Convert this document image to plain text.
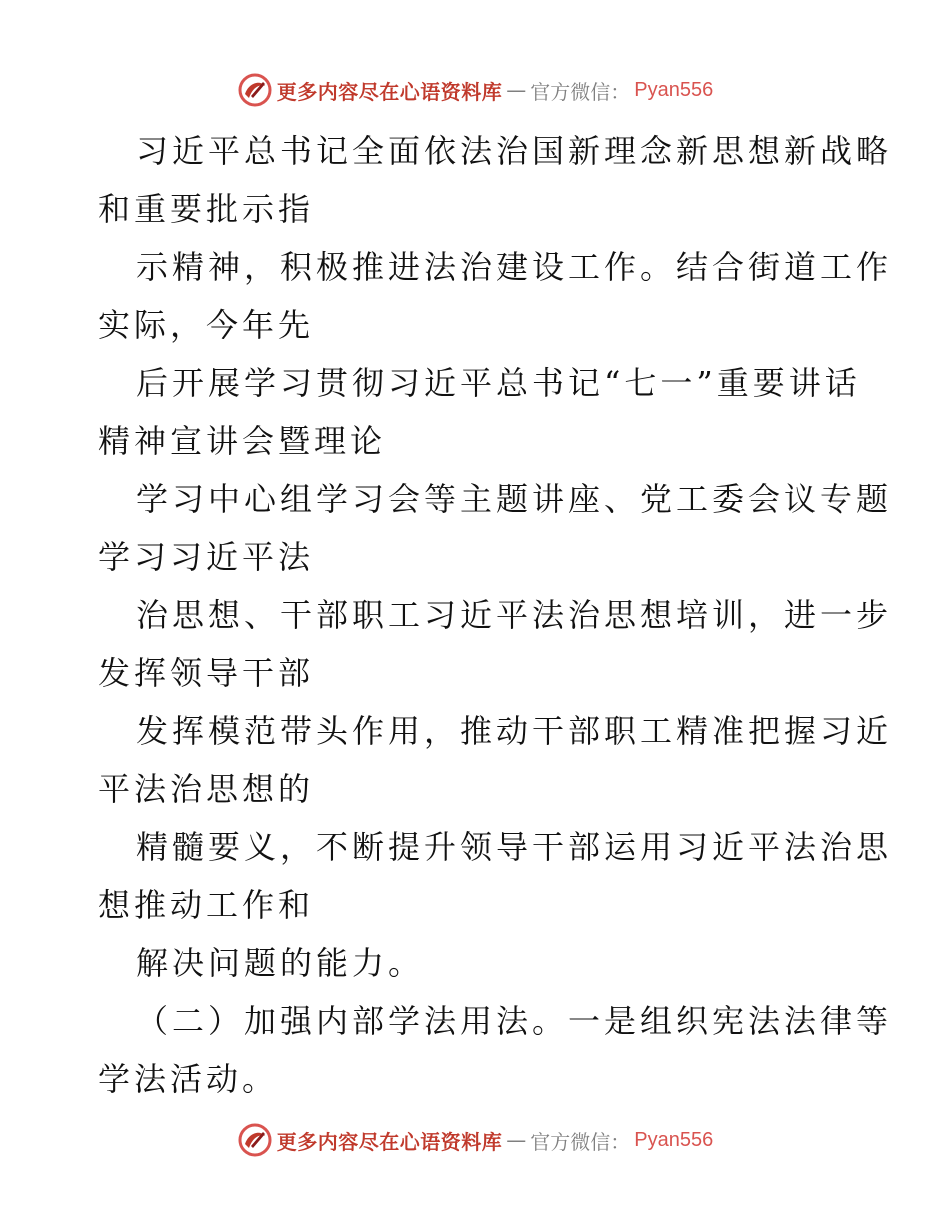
更多内容尽在心语资料库 — 官方微信： Pyan556
习近平总书记全面依法治国新理念新思想新战略
和重要批示指
示精神，积极推进法治建设工作。结合街道工作
实际，今年先
后开展学习贯彻习近平总书记“七一”重要讲话
精神宣讲会暨理论
学习中心组学习会等主题讲座、党工委会议专题
学习习近平法
治思想、干部职工习近平法治思想培训，进一步
发挥领导干部
发挥模范带头作用，推动干部职工精准把握习近
平法治思想的
精髓要义，不断提升领导干部运用习近平法治思
想推动工作和
解决问题的能力。
（二）加强内部学法用法。一是组织宪法法律等
学法活动。
更多内容尽在心语资料库 — 官方微信： Pyan556
